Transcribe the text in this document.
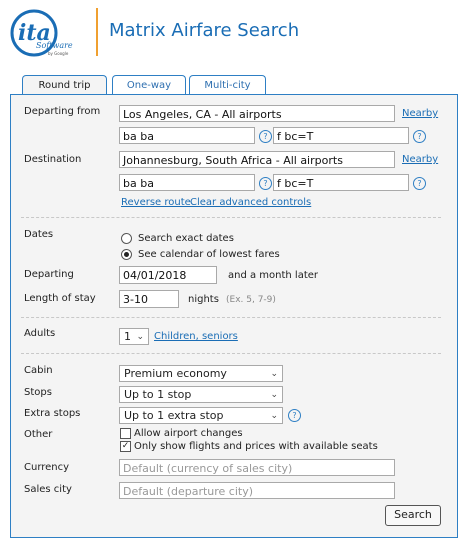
ita
Software
by Google
Matrix Airfare Search
Round trip	One-way	Multi-city
Departing from	Los Angeles, CA - All airports	Nearby
ba ba	? f bc=T	?
Destination	Johannesburg, South Africa - All airports	Nearby
ba ba	? f bc=T	?
Reverse route Clear advanced controls
Dates	Search exact dates
See calendar of lowest fares
Departing	04/01/2018	and a month later
Length of stay	3-10	nights (Ex. 5, 7-9)
Adults	1 ⌄ Children, seniors
Cabin	Premium economy	⌄
Stops	Up to 1 stop	⌄
Extra stops	Up to 1 extra stop	⌄	?
Other	Allow airport changes
✓ Only show flights and prices with available seats
Currency	Default (currency of sales city)
Sales city	Default (departure city)
Search
